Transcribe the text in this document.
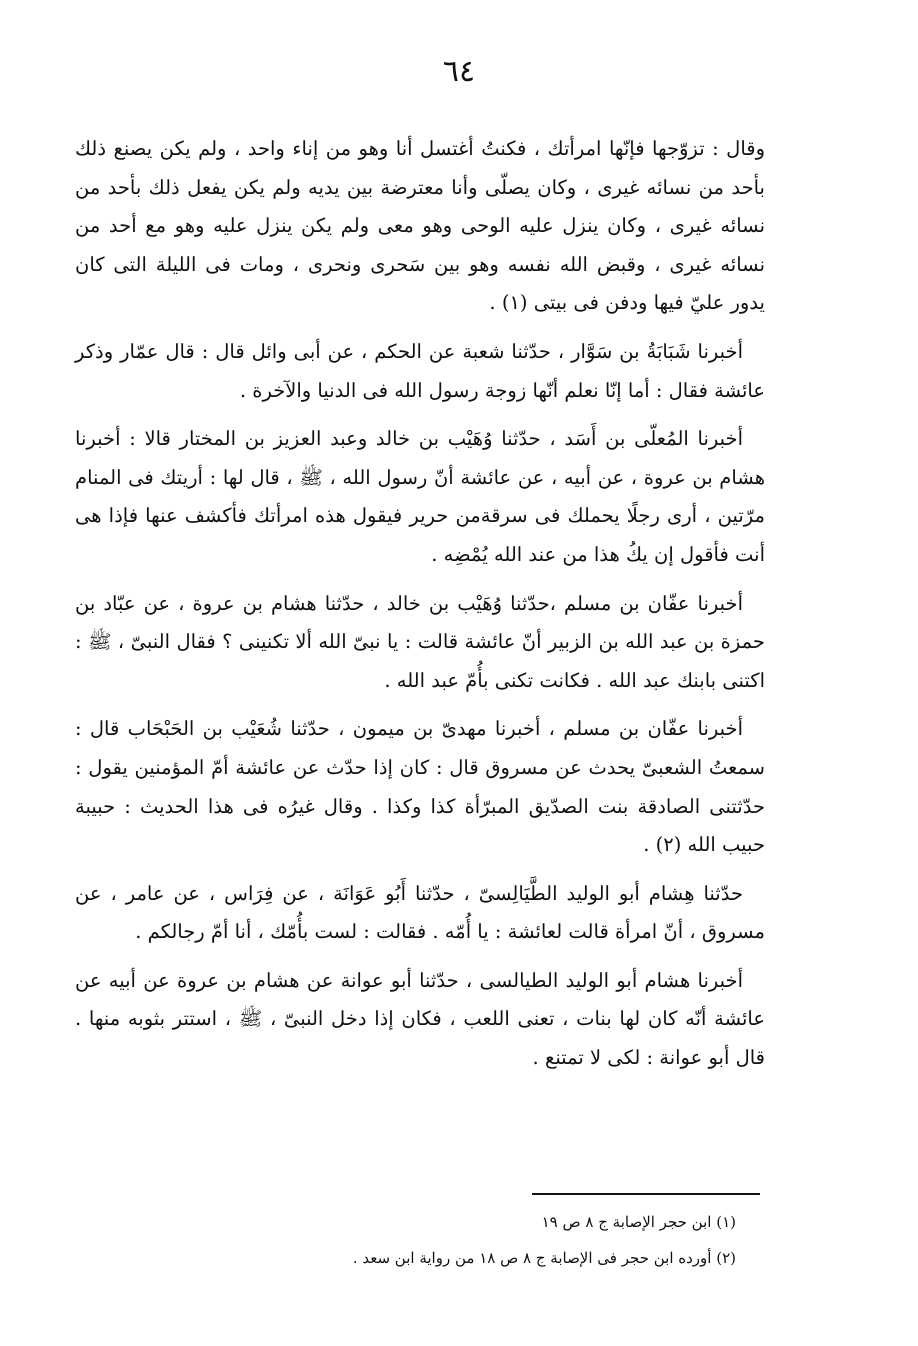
٦٤

وقال : تزوّجها فإنّها امرأتك ، فكنتُ أغتسل أنا وهو من إناء واحد ، ولم يكن يصنع ذلك بأحد من نسائه غيرى ، وكان يصلّى وأنا معترضة بين يديه ولم يكن يفعل ذلك بأحد من نسائه غيرى ، وكان ينزل عليه الوحى وهو معى ولم يكن ينزل عليه وهو مع أحد من نسائه غيرى ، وقبض الله نفسه وهو بين سَحرى ونحرى ، ومات فى الليلة التى كان يدور عليّ فيها ودفن فى بيتى (١) .

أخبرنا شَبَابَةُ بن سَوَّار ، حدّثنا شعبة عن الحكم ، عن أبى وائل قال : قال عمّار وذكر عائشة فقال : أما إنّا نعلم أنّها زوجة رسول الله فى الدنيا والآخرة .

أخبرنا المُعلّى بن أَسَد ، حدّثنا وُهَيْب بن خالد وعبد العزيز بن المختار قالا : أخبرنا هشام بن عروة ، عن أبيه ، عن عائشة أنّ رسول الله ، ﷺ ، قال لها : أريتك فى المنام مرّتين ، أرى رجلًا يحملك فى سرقةمن حرير فيقول هذه امرأتك فأكشف عنها فإذا هى أنت فأقول إن يكُ هذا من عند الله يُمْضِه .

أخبرنا عفّان بن مسلم ،حدّثنا وُهَيْب بن خالد ، حدّثنا هشام بن عروة ، عن عبّاد بن حمزة بن عبد الله بن الزبير أنّ عائشة قالت : يا نبىّ الله ألا تكنينى ؟ فقال النبىّ ، ﷺ : اكتنى بابنك عبد الله . فكانت تكنى بأُمّ عبد الله .

أخبرنا عفّان بن مسلم ، أخبرنا مهدىّ بن ميمون ، حدّثنا شُعَيْب بن الحَبْحَاب قال : سمعتُ الشعبىّ يحدث عن مسروق قال : كان إذا حدّث عن عائشة أمّ المؤمنين يقول : حدّثتنى الصادقة بنت الصدّيق المبرّأة كذا وكذا . وقال غيرُه فى هذا الحديث : حبيبة حبيب الله (٢) .

حدّثنا هِشام أبو الوليد الطَّيَالِسىّ ، حدّثنا أَبُو عَوَانَة ، عن فِرَاس ، عن عامر ، عن مسروق ، أنّ امرأة قالت لعائشة : يا أُمّه . فقالت : لست بأُمّك ، أنا أمّ رجالكم .

أخبرنا هشام أبو الوليد الطيالسى ، حدّثنا أبو عوانة عن هشام بن عروة عن أبيه عن عائشة أنّه كان لها بنات ، تعنى اللعب ، فكان إذا دخل النبىّ ، ﷺ ، استتر بثوبه منها . قال أبو عوانة : لكى لا تمتنع .

(١) ابن حجر الإصابة ج ٨ ص ١٩

(٢) أورده ابن حجر فى الإصابة ج ٨ ص ١٨ من رواية ابن سعد .
